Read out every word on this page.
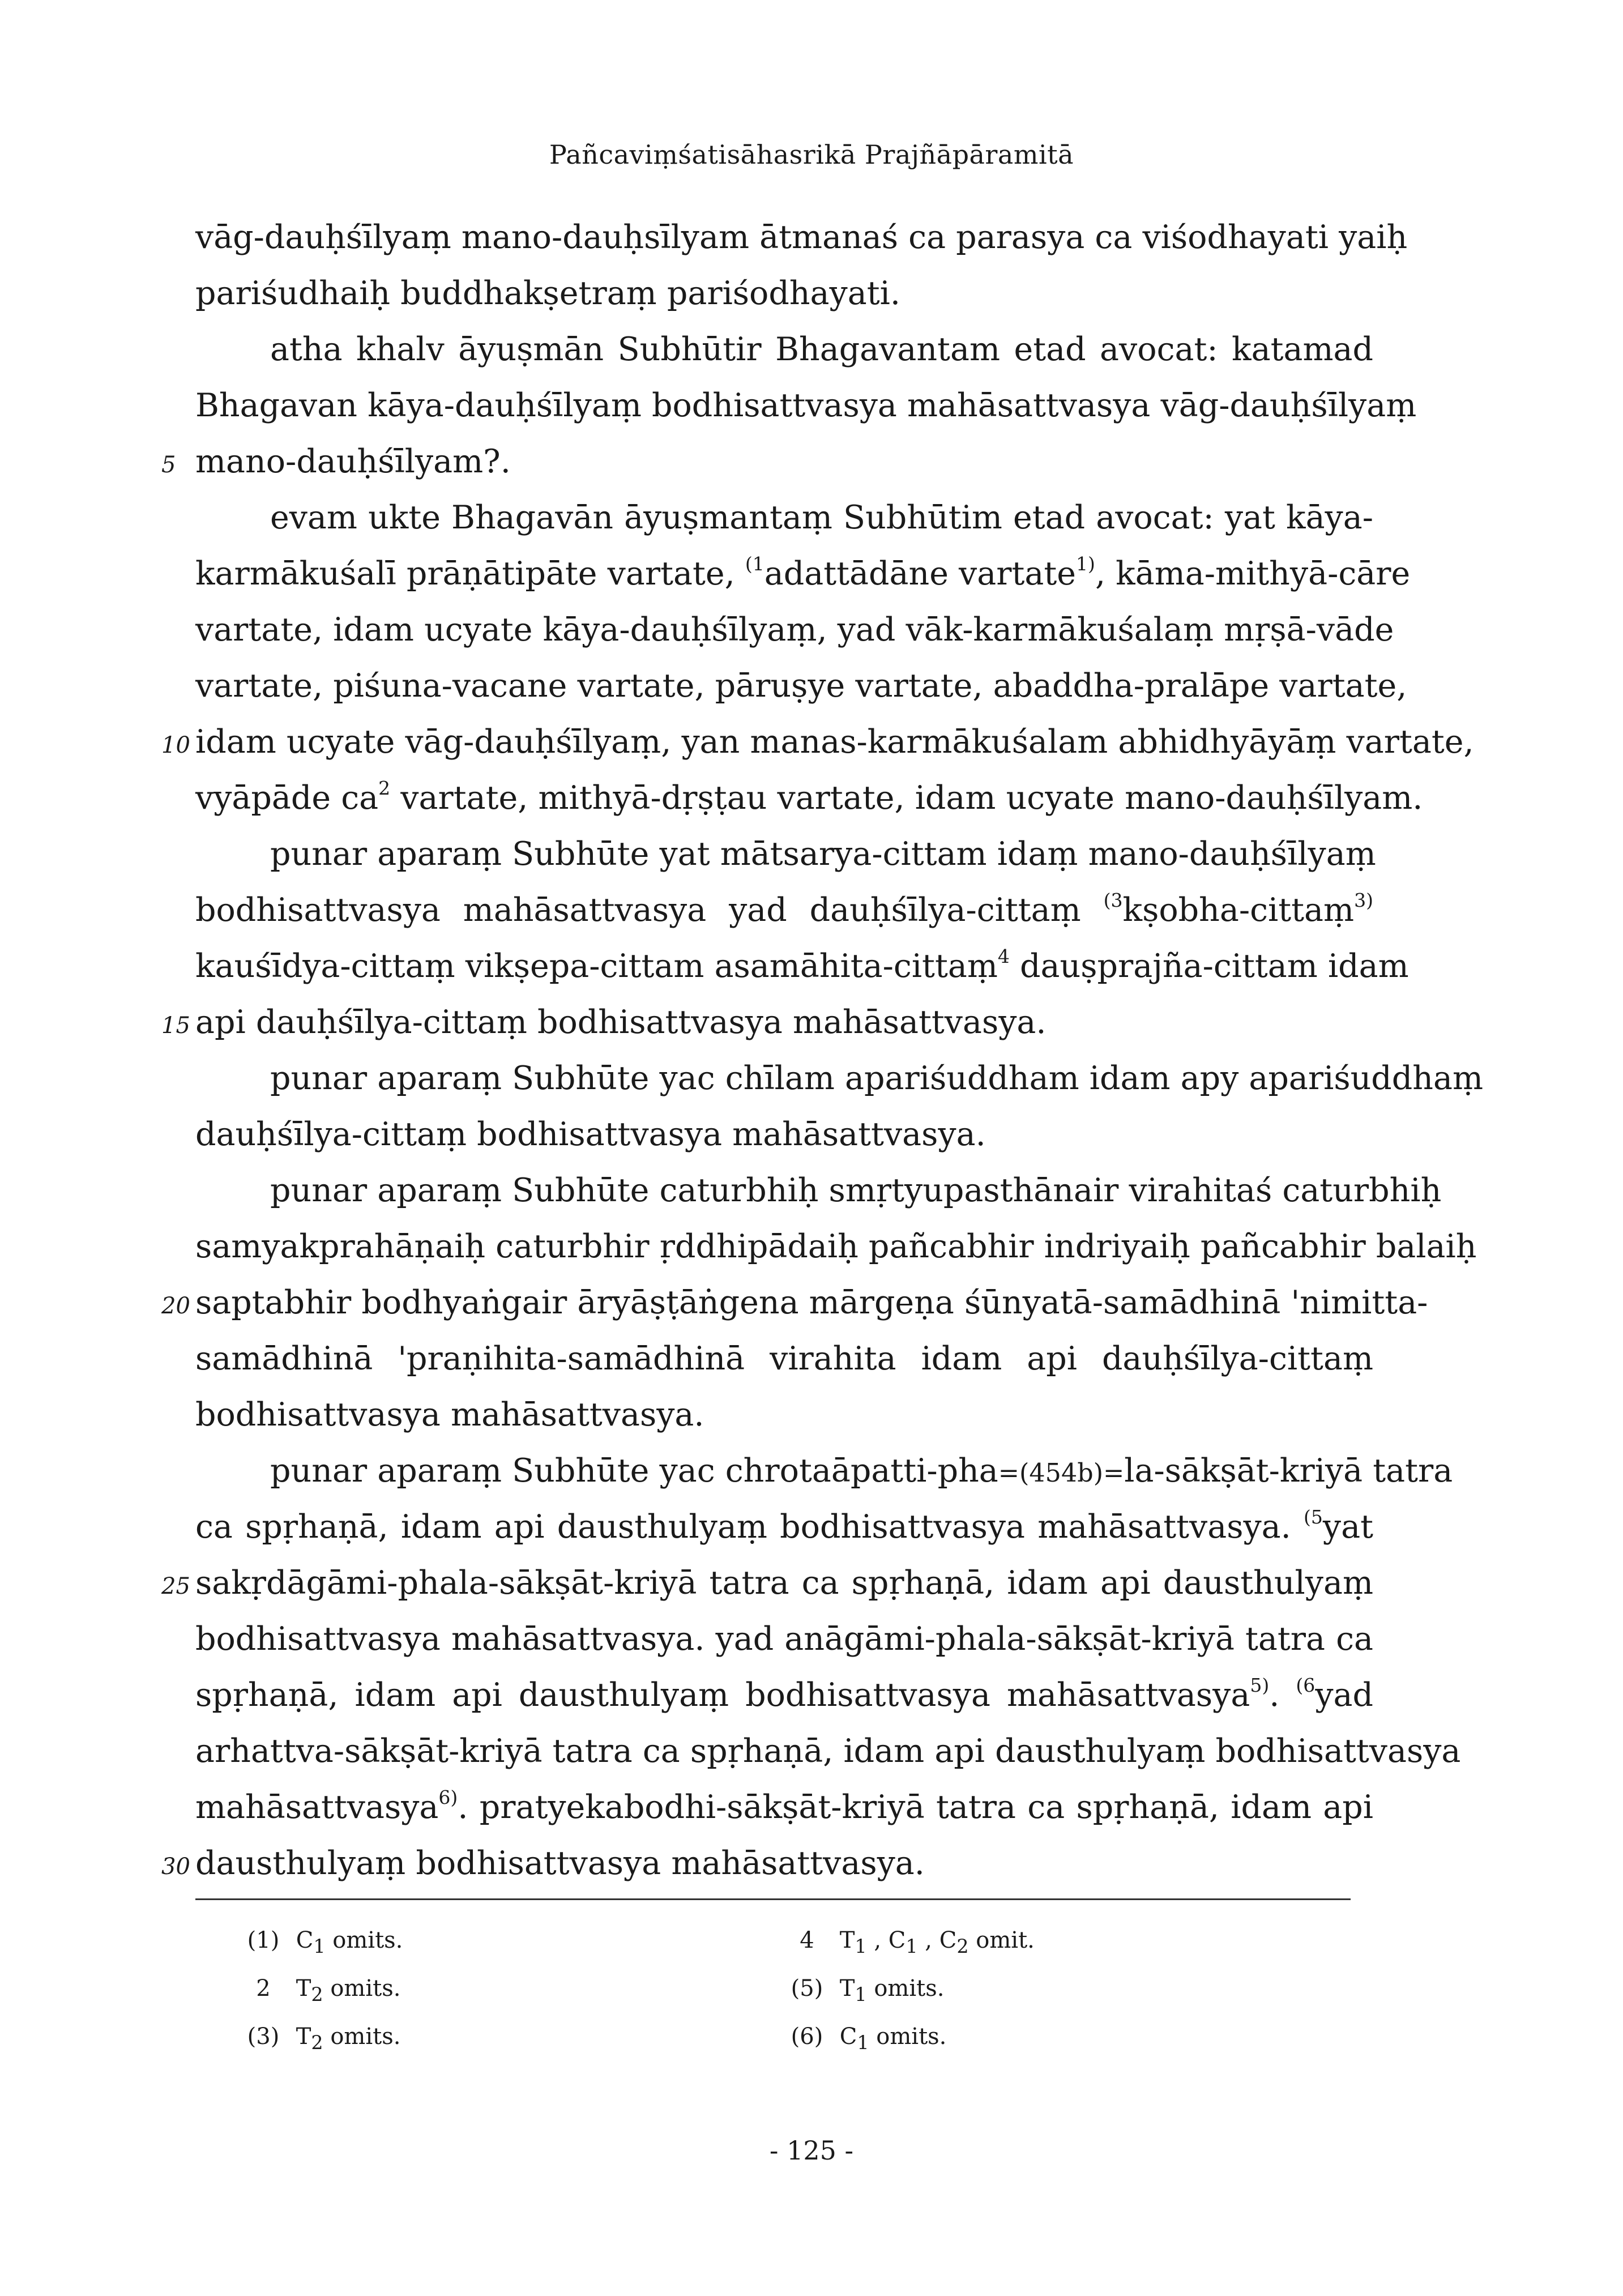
Pañcaviṃśatisāhasrikā Prajñāpāramitā
vāg-dauḥśīlyaṃ mano-dauḥsīlyam ātmanaś ca parasya ca viśodhayati yaiḥ
pariśudhaiḥ buddhakṣetraṃ pariśodhayati.
atha khalv āyuṣmān Subhūtir Bhagavantam etad avocat: katamad
Bhagavan kāya-dauḥśīlyaṃ bodhisattvasya mahāsattvasya vāg-dauḥśīlyaṃ
5 mano-dauḥśīlyam?.
evam ukte Bhagavān āyuṣmantaṃ Subhūtim etad avocat: yat kāya-
karmākuśalī prāṇātipāte vartate, $^{(1}$adattādāne vartate$^{1)}$, kāma-mithyā-cāre
vartate, idam ucyate kāya-dauḥśīlyaṃ, yad vāk-karmākuśalaṃ mṛṣā-vāde
vartate, piśuna-vacane vartate, pāruṣye vartate, abaddha-pralāpe vartate,
10 idam ucyate vāg-dauḥśīlyaṃ, yan manas-karmākuśalam abhidhyāyāṃ vartate,
vyāpāde $ca^2$ vartate, mithyā-dṛṣṭau vartate, idam ucyate mano-dauḥśīlyam.
punar aparaṃ Subhūte yat mātsarya-cittam idaṃ mano-dauḥśīlyaṃ
bodhisattvasya mahāsattvasya yad dauḥśīlya-cittaṃ $^{(3}$kṣobha-cittaṃ$^{3)}$
kauśīdya-cittaṃ vikṣepa-cittam asamāhita-cittaṃ$^4$ dauṣprajña-cittam idam
15 api dauḥśīlya-cittaṃ bodhisattvasya mahāsattvasya.
punar aparaṃ Subhūte yac chīlam apariśuddham idam apy apariśuddhaṃ
dauḥśīlya-cittaṃ bodhisattvasya mahāsattvasya.
punar aparaṃ Subhūte caturbhiḥ smṛtyupasthānair virahitaś caturbhiḥ
samyakprahāṇaiḥ caturbhir ṛddhipādaiḥ pañcabhir indriyaiḥ pañcabhir balaiḥ
20 saptabhir bodhyaṅgair āryāṣṭāṅgena mārgeṇa śūnyatā-samādhinā 'nimitta-
samādhinā 'praṇihita-samādhinā virahita idam api dauḥśīlya-cittaṃ
bodhisattvasya mahāsattvasya.
punar aparaṃ Subhūte yac chrotaāpatti-pha=(454b)=la-sākṣāt-kriyā tatra
ca spṛhaṇā, idam api dausthulyaṃ bodhisattvasya mahāsattvasya. $^{(5}$yat
25 sakṛdāgāmi-phala-sākṣāt-kriyā tatra ca spṛhaṇā, idam api dausthulyaṃ
bodhisattvasya mahāsattvasya. yad anāgāmi-phala-sākṣāt-kriyā tatra ca
spṛhaṇā, idam api dausthulyaṃ bodhisattvasya mahāsattvasya$^{5)}$. $^{(6}$yad
arhattva-sākṣāt-kriyā tatra ca spṛhaṇā, idam api dausthulyaṃ bodhisattvasya
mahāsattvasya$^{6)}$. pratyekabodhi-sākṣāt-kriyā tatra ca spṛhaṇā, idam api
30 dausthulyaṃ bodhisattvasya mahāsattvasya.
(1) $C_1$ omits.	4 $T_1$ , $C_1$ , $C_2$ omit.
2 $T_2$ omits.	(5) $T_1$ omits.
(3) $T_2$ omits.	(6) $C_1$ omits.
- 125 -
